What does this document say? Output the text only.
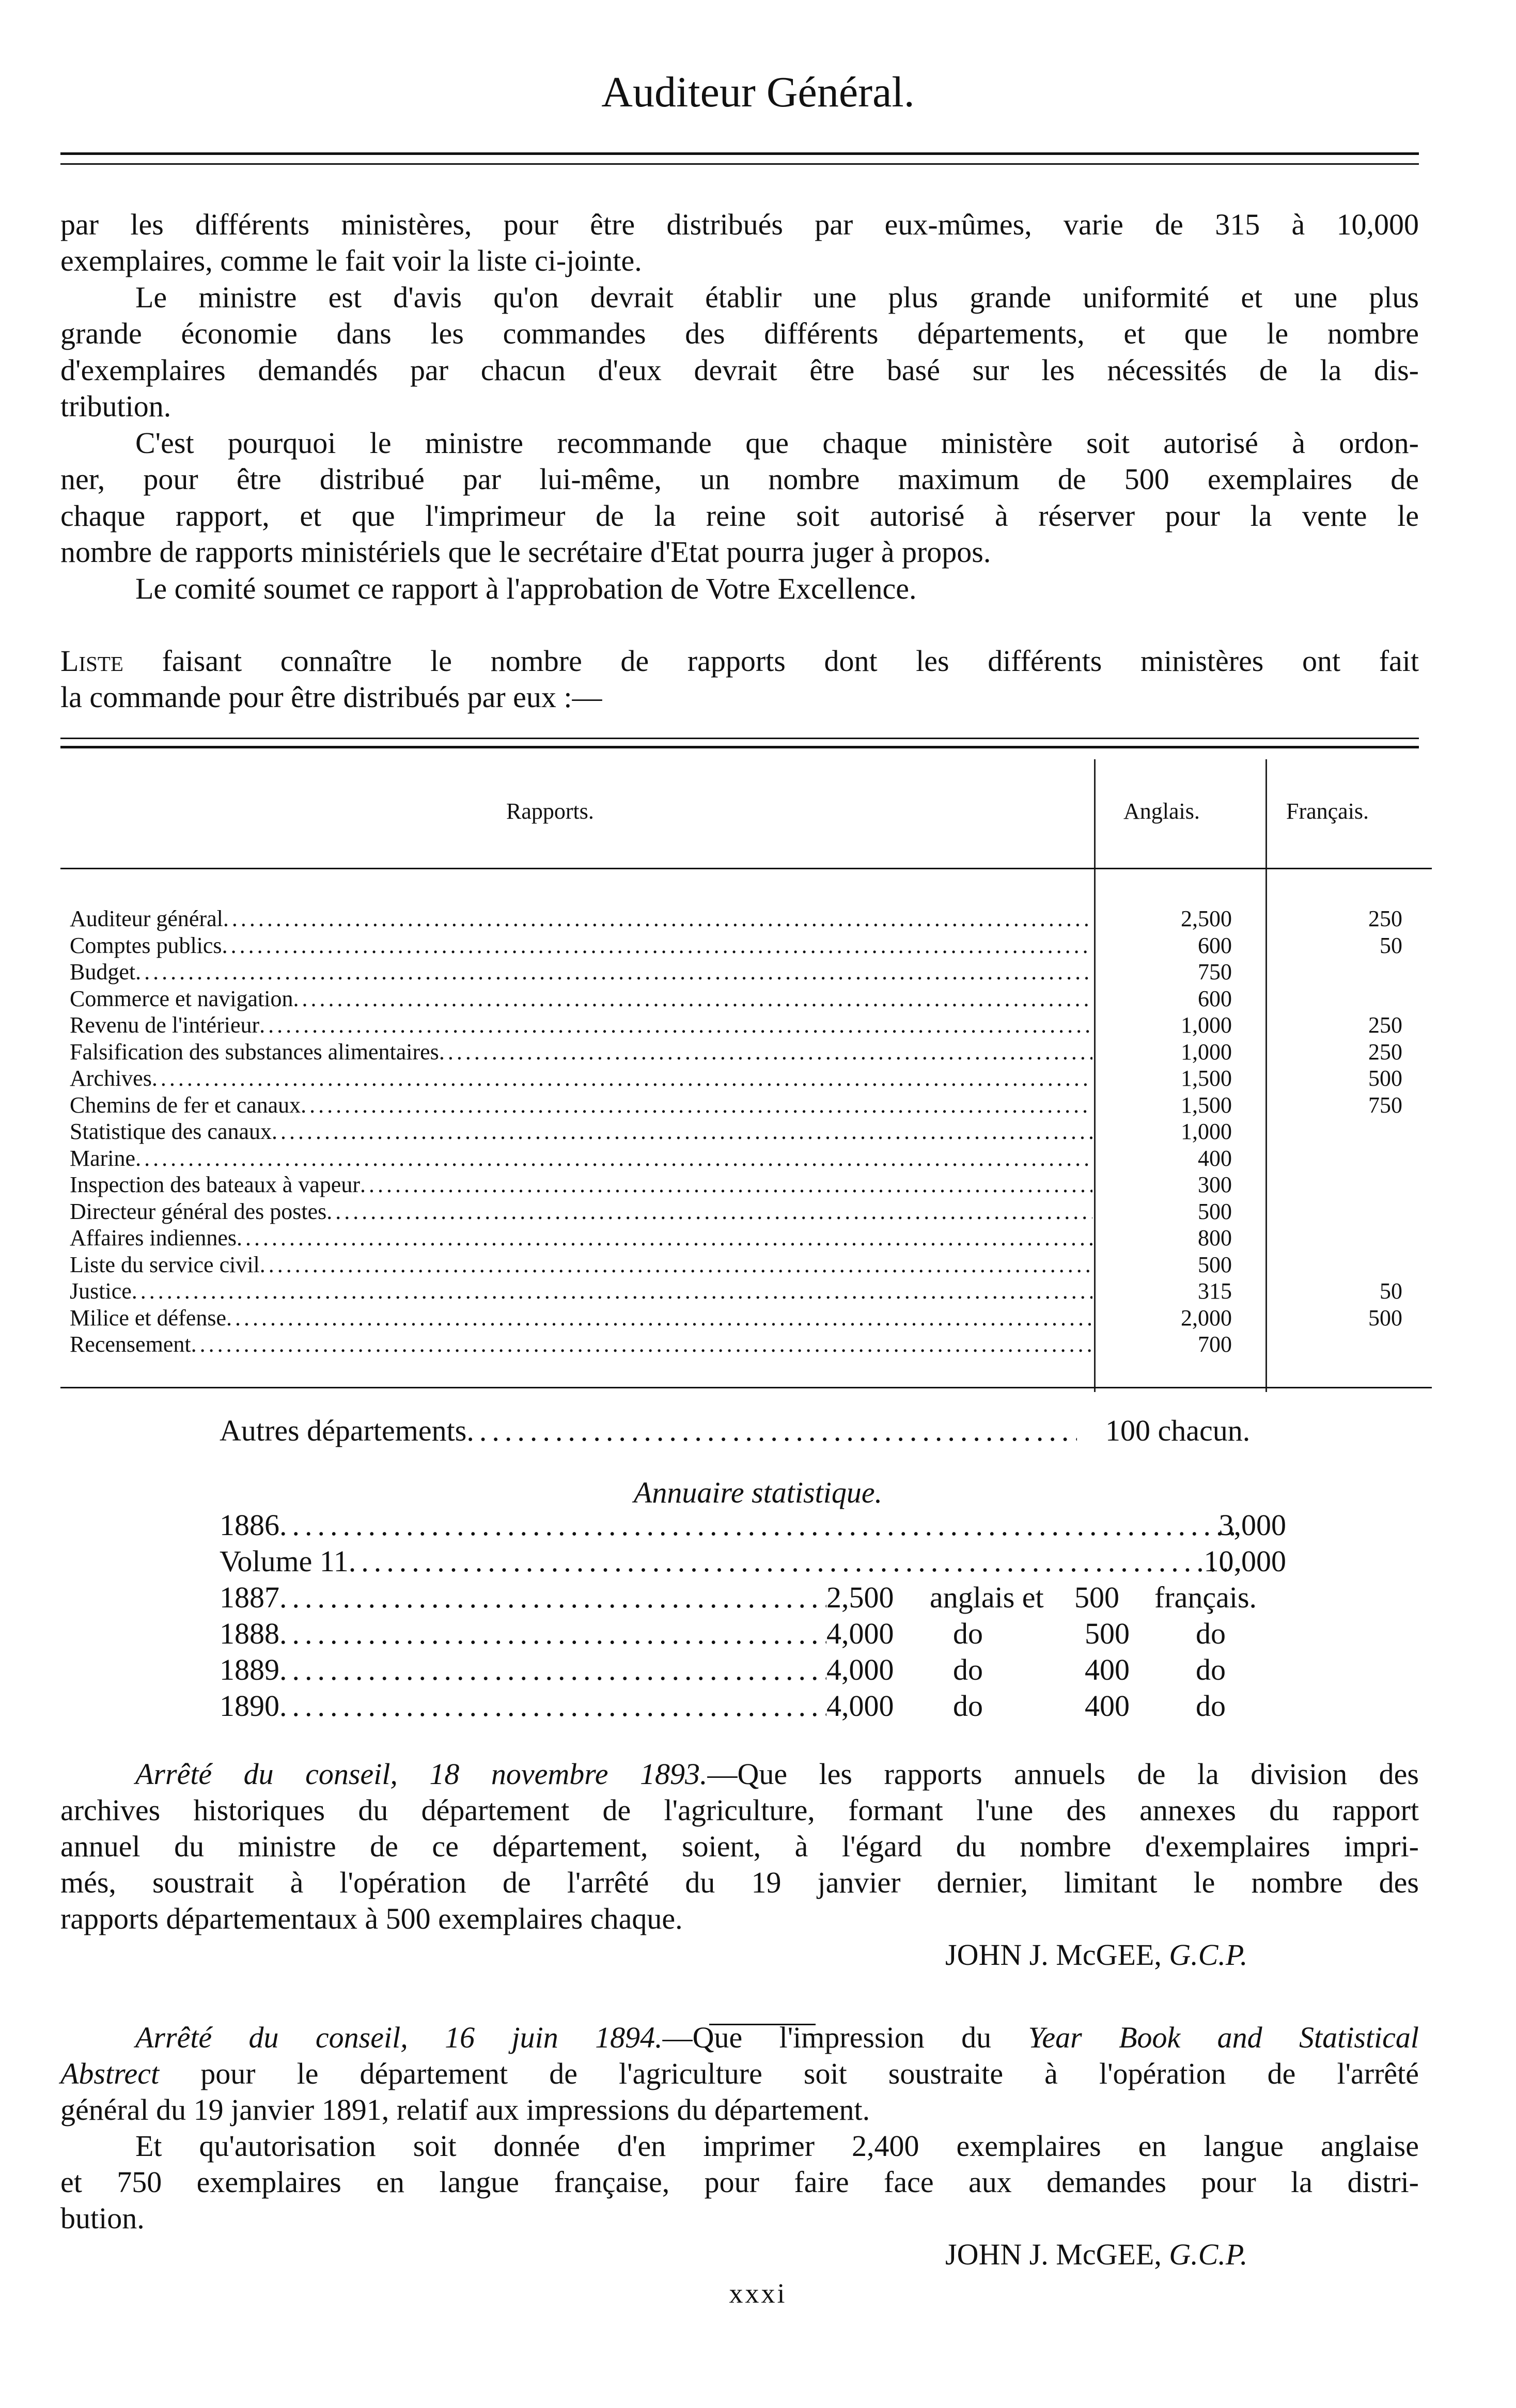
Auditeur Général.
par les différents ministères, pour être distribués par eux-mûmes, varie de 315 à 10,000
exemplaires, comme le fait voir la liste ci-jointe.
Le ministre est d'avis qu'on devrait établir une plus grande uniformité et une plus
grande économie dans les commandes des différents départements, et que le nombre
d'exemplaires demandés par chacun d'eux devrait être basé sur les nécessités de la dis-
tribution.
C'est pourquoi le ministre recommande que chaque ministère soit autorisé à ordon-
ner, pour être distribué par lui-même, un nombre maximum de 500 exemplaires de
chaque rapport, et que l'imprimeur de la reine soit autorisé à réserver pour la vente le
nombre de rapports ministériels que le secrétaire d'Etat pourra juger à propos.
Le comité soumet ce rapport à l'approbation de Votre Excellence.
Liste faisant connaître le nombre de rapports dont les différents ministères ont fait
la commande pour être distribués par eux :—
Rapports.	Anglais.	Français.
Auditeur général .....	2,500	250
Comptes publics .....	600	50
Budget .....	750
Commerce et navigation .....	600
Revenu de l'intérieur .....	1,000	250
Falsification des substances alimentaires .....	1,000	250
Archives .....	1,500	500
Chemins de fer et canaux .....	1,500	750
Statistique des canaux .....	1,000
Marine .....	400
Inspection des bateaux à vapeur .....	300
Directeur général des postes .....	500
Affaires indiennes .....	800
Liste du service civil .....	500
Justice .....	315	50
Milice et défense .....	2,000	500
Recensement .....	700
Autres départements .....	100 chacun.
Annuaire statistique.
1886 .....	3,000
Volume 11 .....	10,000
1887 .....	2,500 anglais et 500 français.
1888 .....	4,000 do	500 do
1889 .....	4,000 do	400 do
1890 .....	4,000 do	400 do
Arrêté du conseil, 18 novembre 1893.—Que les rapports annuels de la division des
archives historiques du département de l'agriculture, formant l'une des annexes du rapport
annuel du ministre de ce département, soient, à l'égard du nombre d'exemplaires impri-
més, soustrait à l'opération de l'arrêté du 19 janvier dernier, limitant le nombre des
rapports départementaux à 500 exemplaires chaque.
JOHN J. McGEE, G.C.P.
Arrêté du conseil, 16 juin 1894.—Que l'impression du Year Book and Statistical
Abstrect pour le département de l'agriculture soit soustraite à l'opération de l'arrêté
général du 19 janvier 1891, relatif aux impressions du département.
Et qu'autorisation soit donnée d'en imprimer 2,400 exemplaires en langue anglaise
et 750 exemplaires en langue française, pour faire face aux demandes pour la distri-
bution.
JOHN J. McGEE, G.C.P.
xxxi
